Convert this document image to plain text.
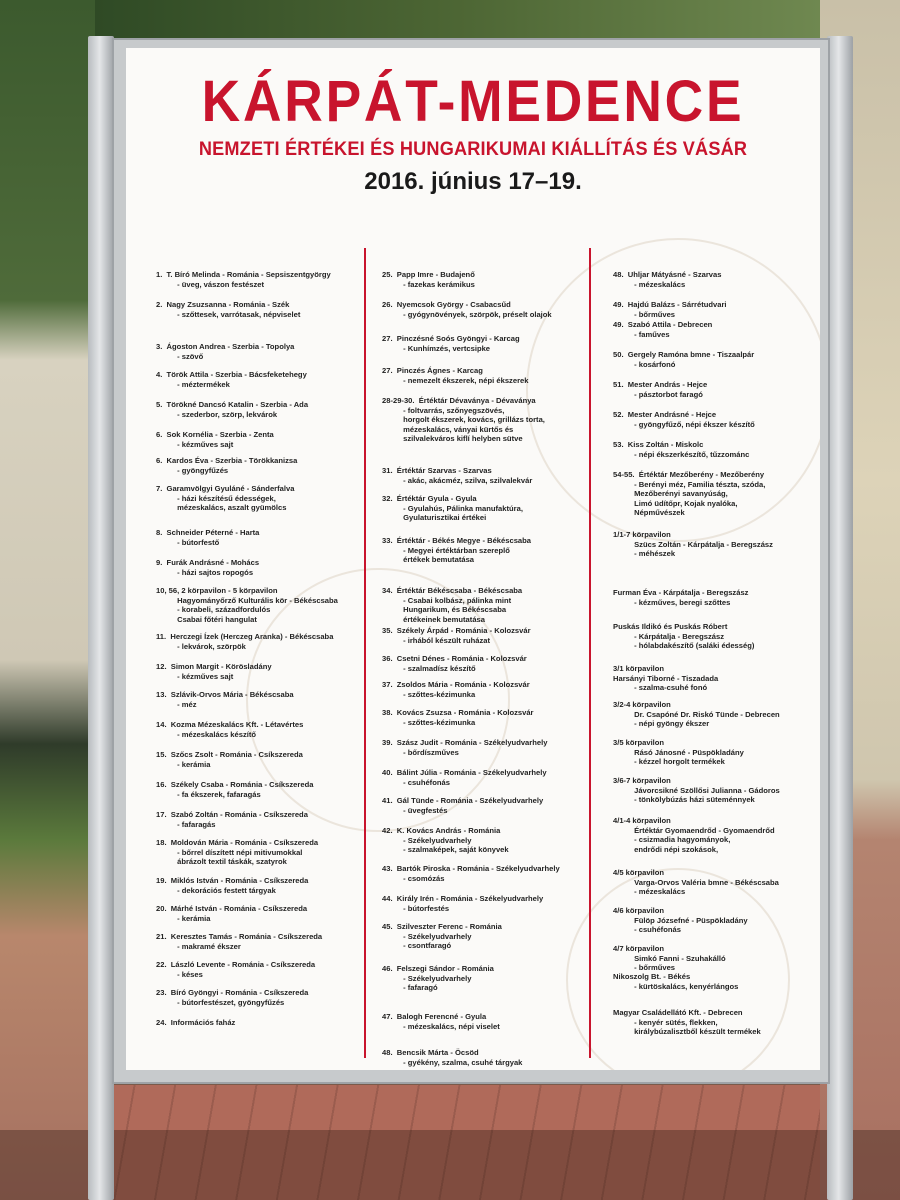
KÁRPÁT-MEDENCE
NEMZETI ÉRTÉKEI ÉS HUNGARIKUMAI KIÁLLÍTÁS ÉS VÁSÁR
2016. június 17–19.
1.  T. Bíró Melinda - Románia - Sepsiszentgyörgy
- üveg, vászon festészet
2.  Nagy Zsuzsanna - Románia - Szék
- szőttesek, varrótasak, népviselet
3.  Ágoston Andrea - Szerbia - Topolya
- szövő
4.  Török Attila - Szerbia - Bácsfeketehegy
- méztermékek
5.  Törökné Dancsó Katalin - Szerbia - Ada
- szederbor, szörp, lekvárok
6.  Sok Kornélia - Szerbia - Zenta
- kézműves sajt
6.  Kardos Éva - Szerbia - Törökkanizsa
- gyöngyfűzés
7.  Garamvölgyi Gyuláné - Sánderfalva
- házi készítésű édességek,
mézeskalács, aszalt gyümölcs
8.  Schneider Péterné - Harta
- bútorfestő
9.  Furák Andrásné - Mohács
- házi sajtos ropogós
10, 56, 2 körpavilon - 5 körpavilon
Hagyományőrző Kulturális kör - Békéscsaba
- korabeli, századfordulós
Csabai főtéri hangulat
11.  Herczegi Ízek (Herczeg Aranka) - Békéscsaba
- lekvárok, szörpök
12.  Simon Margit - Körösladány
- kézműves sajt
13.  Szlávik-Orvos Mária - Békéscsaba
- méz
14.  Kozma Mézeskalács Kft. - Létavértes
- mézeskalács készítő
15.  Szőcs Zsolt - Románia - Csíkszereda
- kerámia
16.  Székely Csaba - Románia - Csíkszereda
- fa ékszerek, fafaragás
17.  Szabó Zoltán - Románia - Csíkszereda
- fafaragás
18.  Moldován Mária - Románia - Csíkszereda
- bőrrel díszített népi mitivumokkal
ábrázolt textil táskák, szatyrok
19.  Miklós István - Románia - Csíkszereda
- dekorációs festett tárgyak
20.  Márhé István - Románia - Csíkszereda
- kerámia
21.  Keresztes Tamás - Románia - Csíkszereda
- makramé ékszer
22.  László Levente - Románia - Csíkszereda
- késes
23.  Bíró Gyöngyi - Románia - Csíkszereda
- bútorfestészet, gyöngyfűzés
24.  Információs faház
25.  Papp Imre - Budajenő
- fazekas kerámikus
26.  Nyemcsok György - Csabacsűd
- gyógynövények, szörpök, préselt olajok
27.  Pinczésné Soós Gyöngyi - Karcag
- Kunhímzés, vertcsipke
27.  Pinczés Ágnes - Karcag
- nemezelt ékszerek, népi ékszerek
28-29-30.  Értéktár Dévaványa - Dévaványa
- foltvarrás, szőnyegszövés,
horgolt ékszerek, kovács, grillázs torta,
mézeskalács, ványai kürtős és
szilvalekváros kiflí helyben sütve
31.  Értéktár Szarvas - Szarvas
- akác, akácméz, szilva, szilvalekvár
32.  Értéktár Gyula - Gyula
- Gyulahús, Pálinka manufaktúra,
Gyulaturisztikai értékei
33.  Értéktár - Békés Megye - Békéscsaba
- Megyei értéktárban szereplő
értékek bemutatása
34.  Értéktár Békéscsaba - Békéscsaba
- Csabai kolbász, pálinka mint
Hungarikum, és Békéscsaba
értékeinek bemutatása
35.  Székely Árpád - Románia - Kolozsvár
- irhából készült ruházat
36.  Csetni Dénes - Románia - Kolozsvár
- szalmadísz készítő
37.  Zsoldos Mária - Románia - Kolozsvár
- szőttes-kézimunka
38.  Kovács Zsuzsa - Románia - Kolozsvár
- szőttes-kézimunka
39.  Szász Judit - Románia - Székelyudvarhely
- bőrdíszműves
40.  Bálint Júlia - Románia - Székelyudvarhely
- csuhéfonás
41.  Gál Tünde - Románia - Székelyudvarhely
- üvegfestés
42.  K. Kovács András - Románia
- Székelyudvarhely
- szalmaképek, saját könyvek
43.  Bartók Piroska - Románia - Székelyudvarhely
- csomózás
44.  Király Irén - Románia - Székelyudvarhely
- bútorfestés
45.  Szilveszter Ferenc - Románia
- Székelyudvarhely
- csontfaragó
46.  Felszegi Sándor - Románia
- Székelyudvarhely
- fafaragó
47.  Balogh Ferencné - Gyula
- mézeskalács, népi viselet
48.  Bencsik Márta - Öcsöd
- gyékény, szalma, csuhé tárgyak
48.  Uhljar Mátyásné - Szarvas
- mézeskalács
49.  Hajdú Balázs - Sárrétudvari
- bőrműves
49.  Szabó Attila - Debrecen
- faműves
50.  Gergely Ramóna bmne - Tiszaalpár
- kosárfonó
51.  Mester András - Hejce
- pásztorbot faragó
52.  Mester Andrásné - Hejce
- gyöngyfűző, népi ékszer készítő
53.  Kiss Zoltán - Miskolc
- népi ékszerkészítő, tűzzománc
54-55.  Értéktár Mezőberény - Mezőberény
- Berényi méz, Familia tészta, szóda,
Mezőberényi savanyúság,
Limó üdítőpr, Kojak nyalóka,
Népművészek
1/1-7 körpavilon
Szücs Zoltán - Kárpátalja - Beregszász
- méhészek
Furman Éva - Kárpátalja - Beregszász
- kézműves, beregi szőttes
Puskás Ildikó és Puskás Róbert
- Kárpátalja - Beregszász
- hólabdakészítő (saláki édesség)
3/1 körpavilon
Harsányi Tiborné - Tiszadada
- szalma-csuhé fonó
3/2-4 körpavilon
Dr. Csapóné Dr. Riskó Tünde - Debrecen
- népi gyöngy ékszer
3/5 körpavilon
Rásó Jánosné - Püspökladány
- kézzel horgolt termékek
3/6-7 körpavilon
Jávorcsikné Szöllősi Julianna - Gádoros
- tönkölybúzás házi süteménnyek
4/1-4 körpavilon
Értéktár Gyomaendrőd - Gyomaendrőd
- csizmadia hagyományok,
endrődi népi szokások,
4/5 körpavilon
Varga-Orvos Valéria bmne - Békéscsaba
- mézeskalács
4/6 körpavilon
Fülöp Józsefné - Püspökladány
- csuhéfonás
4/7 körpavilon
Simkó Fanni - Szuhakálló
- bőrműves
Nikoszolg Bt. - Békés
- kürtöskalács, kenyérlángos
Magyar Családellátó Kft. - Debrecen
- kenyér sütés, flekken,
királybúzalisztből készült termékek
